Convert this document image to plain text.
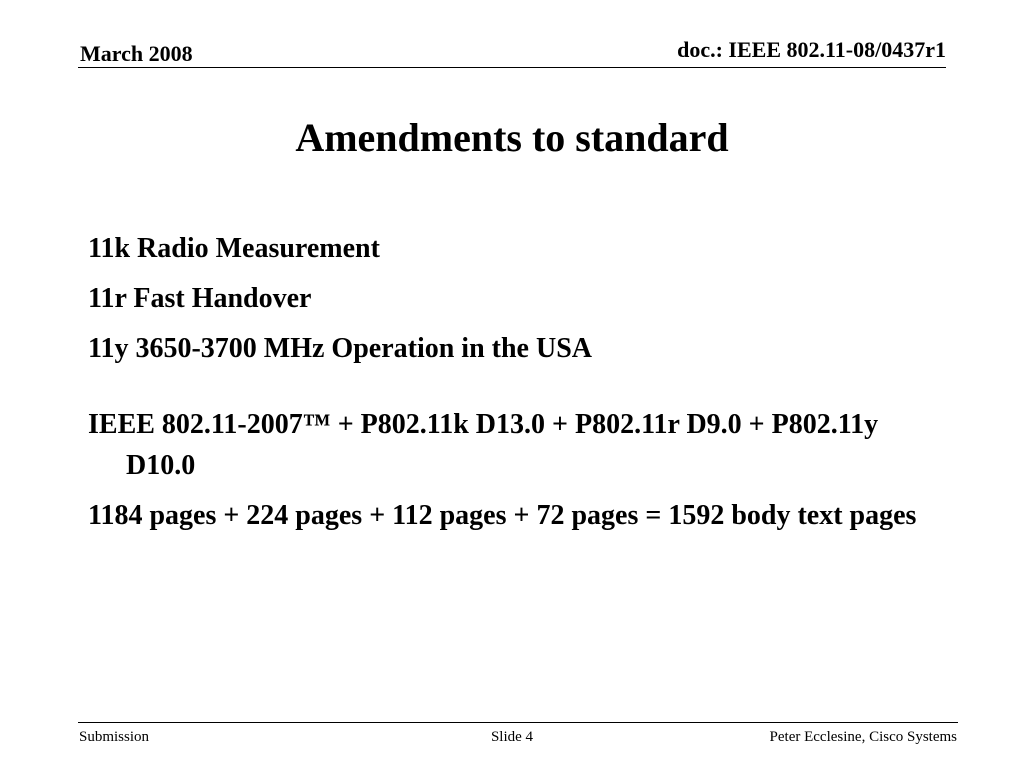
March 2008	doc.: IEEE 802.11-08/0437r1
Amendments to standard

11k Radio Measurement

11r Fast Handover

11y 3650-3700 MHz Operation in the USA

IEEE 802.11-2007™ + P802.11k D13.0 + P802.11r D9.0 + P802.11y D10.0

1184 pages + 224 pages + 112 pages + 72 pages = 1592 body text pages

Submission	Slide 4	Peter Ecclesine, Cisco Systems
